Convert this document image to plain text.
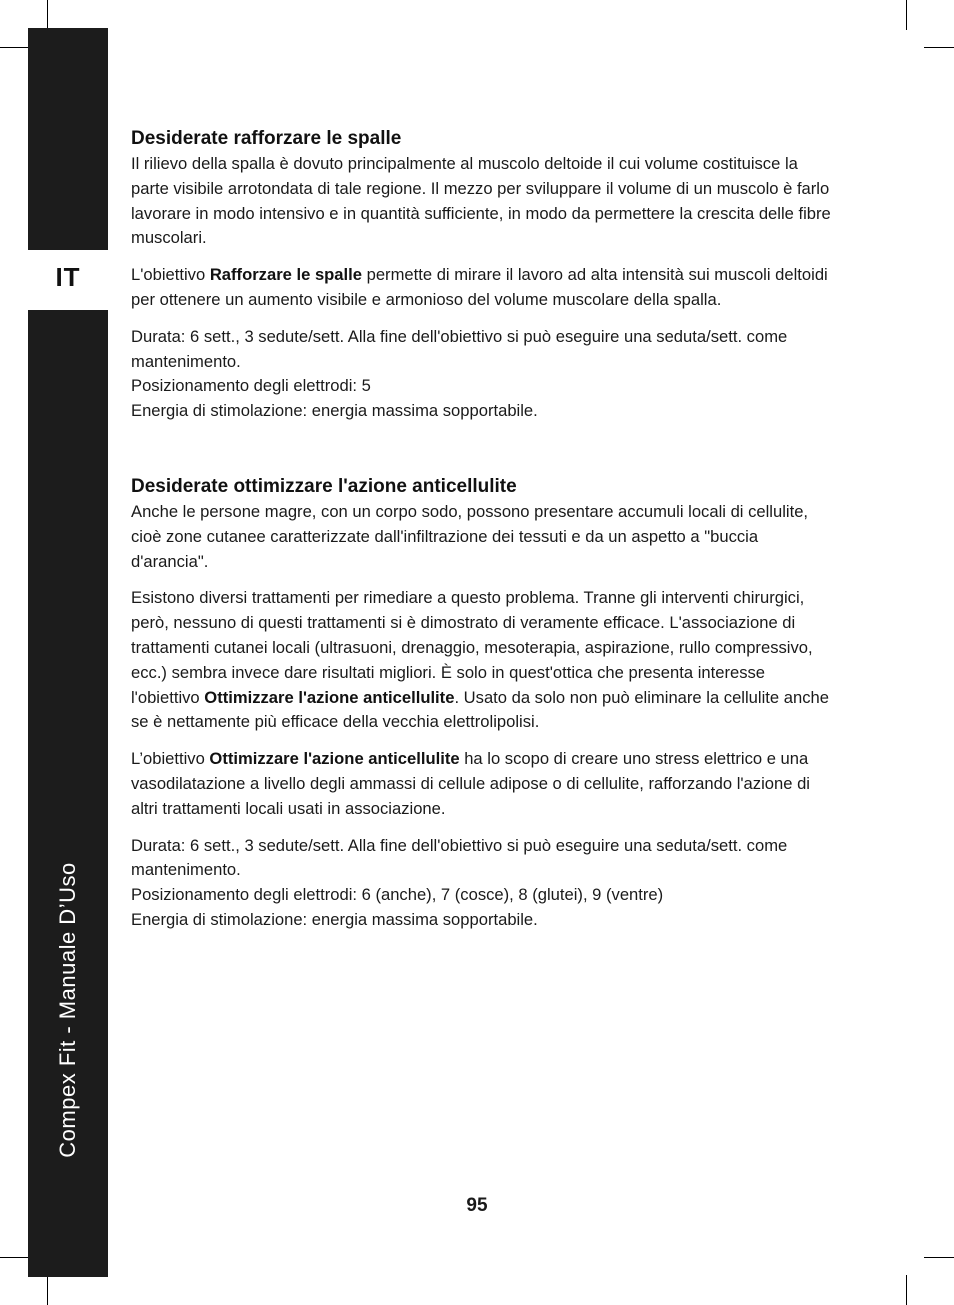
IT
Compex Fit - Manuale D’Uso
Desiderate rafforzare le spalle

Il rilievo della spalla è dovuto principalmente al muscolo deltoide il cui volume costituisce la parte visibile arrotondata di tale regione. Il mezzo per sviluppare il volume di un muscolo è farlo lavorare in modo intensivo e in quantità sufficiente, in modo da permettere la crescita delle fibre muscolari.

L'obiettivo Rafforzare le spalle permette di mirare il lavoro ad alta intensità sui muscoli deltoidi per ottenere un aumento visibile e armonioso del volume muscolare della spalla.

Durata: 6 sett., 3 sedute/sett. Alla fine dell'obiettivo si può eseguire una seduta/sett. come mantenimento.
Posizionamento degli elettrodi: 5
Energia di stimolazione: energia massima sopportabile.

Desiderate ottimizzare l'azione anticellulite

Anche le persone magre, con un corpo sodo, possono presentare accumuli locali di cellulite, cioè zone cutanee caratterizzate dall'infiltrazione dei tessuti e da un aspetto a "buccia d'arancia".

Esistono diversi trattamenti per rimediare a questo problema. Tranne gli interventi chirurgici, però, nessuno di questi trattamenti si è dimostrato di veramente efficace. L'associazione di trattamenti cutanei locali (ultrasuoni, drenaggio, mesoterapia, aspirazione, rullo compressivo, ecc.) sembra invece dare risultati migliori. È solo in quest'ottica che presenta interesse l'obiettivo Ottimizzare l'azione anticellulite. Usato da solo non può eliminare la cellulite anche se è nettamente più efficace della vecchia elettrolipolisi.

L’obiettivo Ottimizzare l'azione anticellulite ha lo scopo di creare uno stress elettrico e una vasodilatazione a livello degli ammassi di cellule adipose o di cellulite, rafforzando l'azione di altri trattamenti locali usati in associazione.

Durata: 6 sett., 3 sedute/sett. Alla fine dell'obiettivo si può eseguire una seduta/sett. come mantenimento.
Posizionamento degli elettrodi: 6 (anche), 7 (cosce), 8 (glutei), 9 (ventre)
Energia di stimolazione: energia massima sopportabile.

95
